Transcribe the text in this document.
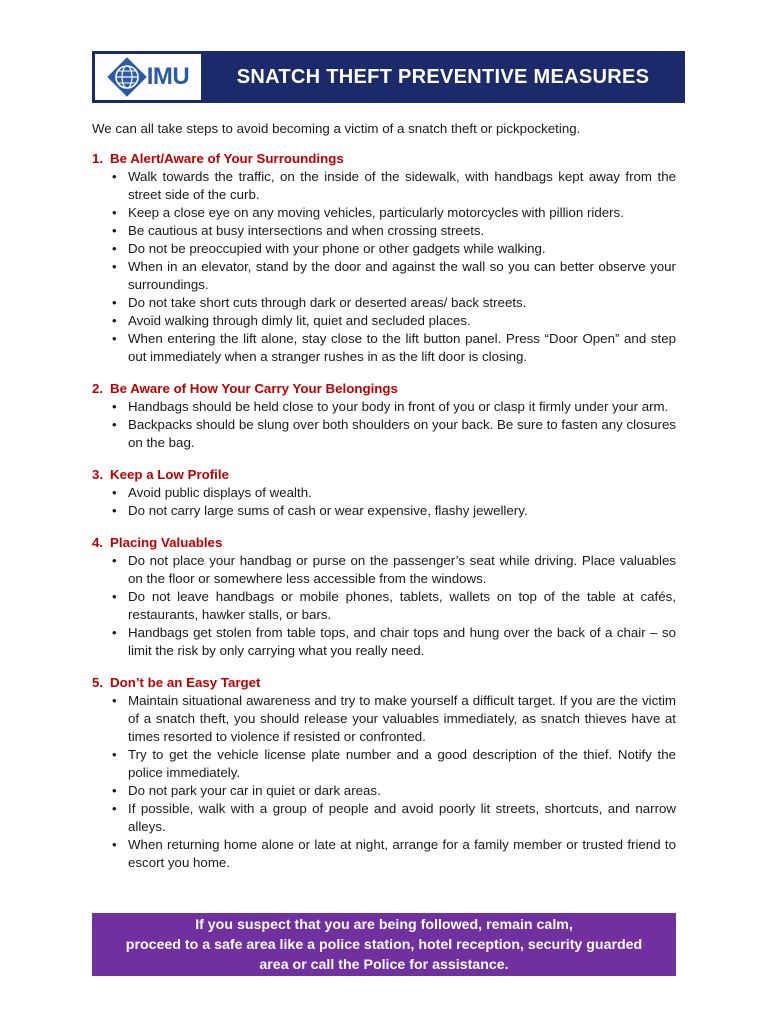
IMU	SNATCH THEFT PREVENTIVE MEASURES
We can all take steps to avoid becoming a victim of a snatch theft or pickpocketing.
1. Be Alert/Aware of Your Surroundings
• Walk towards the traffic, on the inside of the sidewalk, with handbags kept away from the street side of the curb.
• Keep a close eye on any moving vehicles, particularly motorcycles with pillion riders.
• Be cautious at busy intersections and when crossing streets.
• Do not be preoccupied with your phone or other gadgets while walking.
• When in an elevator, stand by the door and against the wall so you can better observe your surroundings.
• Do not take short cuts through dark or deserted areas/ back streets.
• Avoid walking through dimly lit, quiet and secluded places.
• When entering the lift alone, stay close to the lift button panel. Press “Door Open” and step out immediately when a stranger rushes in as the lift door is closing.
2. Be Aware of How Your Carry Your Belongings
• Handbags should be held close to your body in front of you or clasp it firmly under your arm.
• Backpacks should be slung over both shoulders on your back. Be sure to fasten any closures on the bag.
3. Keep a Low Profile
• Avoid public displays of wealth.
• Do not carry large sums of cash or wear expensive, flashy jewellery.
4. Placing Valuables
• Do not place your handbag or purse on the passenger’s seat while driving. Place valuables on the floor or somewhere less accessible from the windows.
• Do not leave handbags or mobile phones, tablets, wallets on top of the table at cafés, restaurants, hawker stalls, or bars.
• Handbags get stolen from table tops, and chair tops and hung over the back of a chair – so limit the risk by only carrying what you really need.
5. Don’t be an Easy Target
• Maintain situational awareness and try to make yourself a difficult target. If you are the victim of a snatch theft, you should release your valuables immediately, as snatch thieves have at times resorted to violence if resisted or confronted.
• Try to get the vehicle license plate number and a good description of the thief. Notify the police immediately.
• Do not park your car in quiet or dark areas.
• If possible, walk with a group of people and avoid poorly lit streets, shortcuts, and narrow alleys.
• When returning home alone or late at night, arrange for a family member or trusted friend to escort you home.
If you suspect that you are being followed, remain calm,
proceed to a safe area like a police station, hotel reception, security guarded
area or call the Police for assistance.
